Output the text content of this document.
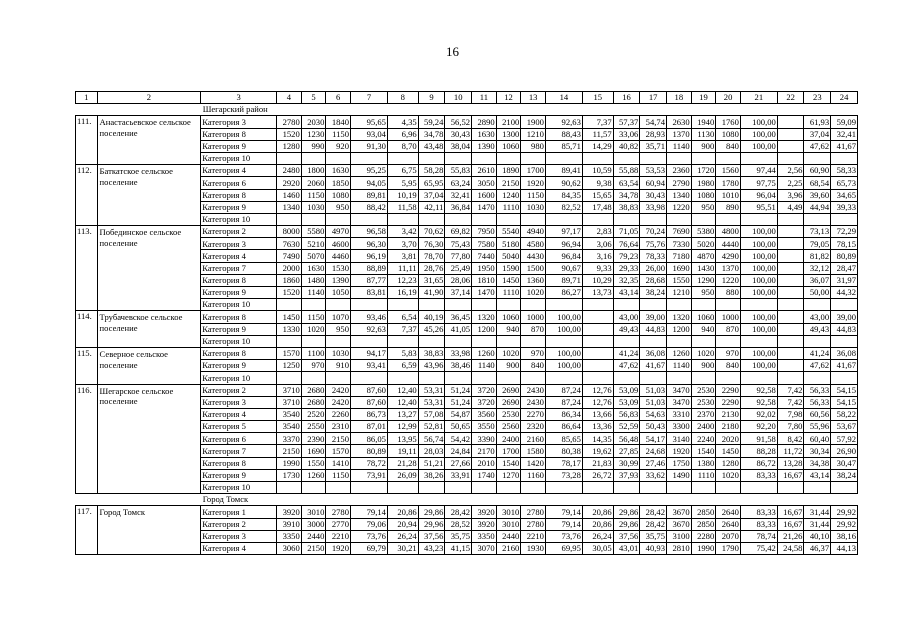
16
1	2	3	4	5	6	7	8	9	10	11	12	13	14	15	16	17	18	19	20	21	22	23	24
		Шегарский район																					
111.	Анастасьевское сельское поселение	Категория 3	2780	2030	1840	95,65	4,35	59,24	56,52	2890	2100	1900	92,63	7,37	57,37	54,74	2630	1940	1760	100,00		61,93	59,09
		Категория 8	1520	1230	1150	93,04	6,96	34,78	30,43	1630	1300	1210	88,43	11,57	33,06	28,93	1370	1130	1080	100,00		37,04	32,41
		Категория 9	1280	990	920	91,30	8,70	43,48	38,04	1390	1060	980	85,71	14,29	40,82	35,71	1140	900	840	100,00		47,62	41,67
		Категория 10																					
112.	Баткатское сельское поселение	Категория 4	2480	1800	1630	95,25	6,75	58,28	55,83	2610	1890	1700	89,41	10,59	55,88	53,53	2360	1720	1560	97,44	2,56	60,90	58,33
		Категория 6	2920	2060	1850	94,05	5,95	65,95	63,24	3050	2150	1920	90,62	9,38	63,54	60,94	2790	1980	1780	97,75	2,25	68,54	65,73
		Категория 8	1460	1150	1080	89,81	10,19	37,04	32,41	1600	1240	1150	84,35	15,65	34,78	30,43	1340	1080	1010	96,04	3,96	39,60	34,65
		Категория 9	1340	1030	950	88,42	11,58	42,11	36,84	1470	1110	1030	82,52	17,48	38,83	33,98	1220	950	890	95,51	4,49	44,94	39,33
		Категория 10																					
113.	Побединское сельское поселение	Категория 2	8000	5580	4970	96,58	3,42	70,62	69,82	7950	5540	4940	97,17	2,83	71,05	70,24	7690	5380	4800	100,00		73,13	72,29
		Категория 3	7630	5210	4600	96,30	3,70	76,30	75,43	7580	5180	4580	96,94	3,06	76,64	75,76	7330	5020	4440	100,00		79,05	78,15
		Категория 4	7490	5070	4460	96,19	3,81	78,70	77,80	7440	5040	4430	96,84	3,16	79,23	78,33	7180	4870	4290	100,00		81,82	80,89
		Категория 7	2000	1630	1530	88,89	11,11	28,76	25,49	1950	1590	1500	90,67	9,33	29,33	26,00	1690	1430	1370	100,00		32,12	28,47
		Категория 8	1860	1480	1390	87,77	12,23	31,65	28,06	1810	1450	1360	89,71	10,29	32,35	28,68	1550	1290	1220	100,00		36,07	31,97
		Категория 9	1520	1140	1050	83,81	16,19	41,90	37,14	1470	1110	1020	86,27	13,73	43,14	38,24	1210	950	880	100,00		50,00	44,32
		Категория 10																					
114.	Трубачевское сельское поселение	Категория 8	1450	1150	1070	93,46	6,54	40,19	36,45	1320	1060	1000	100,00		43,00	39,00	1320	1060	1000	100,00		43,00	39,00
		Категория 9	1330	1020	950	92,63	7,37	45,26	41,05	1200	940	870	100,00		49,43	44,83	1200	940	870	100,00		49,43	44,83
		Категория 10																					
115.	Северное сельское поселение	Категория 8	1570	1100	1030	94,17	5,83	38,83	33,98	1260	1020	970	100,00		41,24	36,08	1260	1020	970	100,00		41,24	36,08
		Категория 9	1250	970	910	93,41	6,59	43,96	38,46	1140	900	840	100,00		47,62	41,67	1140	900	840	100,00		47,62	41,67
		Категория 10																					
116.	Шегарское сельское поселение	Категория 2	3710	2680	2420	87,60	12,40	53,31	51,24	3720	2690	2430	87,24	12,76	53,09	51,03	3470	2530	2290	92,58	7,42	56,33	54,15
		Категория 3	3710	2680	2420	87,60	12,40	53,31	51,24	3720	2690	2430	87,24	12,76	53,09	51,03	3470	2530	2290	92,58	7,42	56,33	54,15
		Категория 4	3540	2520	2260	86,73	13,27	57,08	54,87	3560	2530	2270	86,34	13,66	56,83	54,63	3310	2370	2130	92,02	7,98	60,56	58,22
		Категория 5	3540	2550	2310	87,01	12,99	52,81	50,65	3550	2560	2320	86,64	13,36	52,59	50,43	3300	2400	2180	92,20	7,80	55,96	53,67
		Категория 6	3370	2390	2150	86,05	13,95	56,74	54,42	3390	2400	2160	85,65	14,35	56,48	54,17	3140	2240	2020	91,58	8,42	60,40	57,92
		Категория 7	2150	1690	1570	80,89	19,11	28,03	24,84	2170	1700	1580	80,38	19,62	27,85	24,68	1920	1540	1450	88,28	11,72	30,34	26,90
		Категория 8	1990	1550	1410	78,72	21,28	51,21	27,66	2010	1540	1420	78,17	21,83	30,99	27,46	1750	1380	1280	86,72	13,28	34,38	30,47
		Категория 9	1730	1260	1150	73,91	26,09	38,26	33,91	1740	1270	1160	73,28	26,72	37,93	33,62	1490	1110	1020	83,33	16,67	43,14	38,24
		Категория 10																					
		Город Томск																					
117.	Город Томск	Категория 1	3920	3010	2780	79,14	20,86	29,86	28,42	3920	3010	2780	79,14	20,86	29,86	28,42	3670	2850	2640	83,33	16,67	31,44	29,92
		Категория 2	3910	3000	2770	79,06	20,94	29,96	28,52	3920	3010	2780	79,14	20,86	29,86	28,42	3670	2850	2640	83,33	16,67	31,44	29,92
		Категория 3	3350	2440	2210	73,76	26,24	37,56	35,75	3350	2440	2210	73,76	26,24	37,56	35,75	3100	2280	2070	78,74	21,26	40,10	38,16
		Категория 4	3060	2150	1920	69,79	30,21	43,23	41,15	3070	2160	1930	69,95	30,05	43,01	40,93	2810	1990	1790	75,42	24,58	46,37	44,13
